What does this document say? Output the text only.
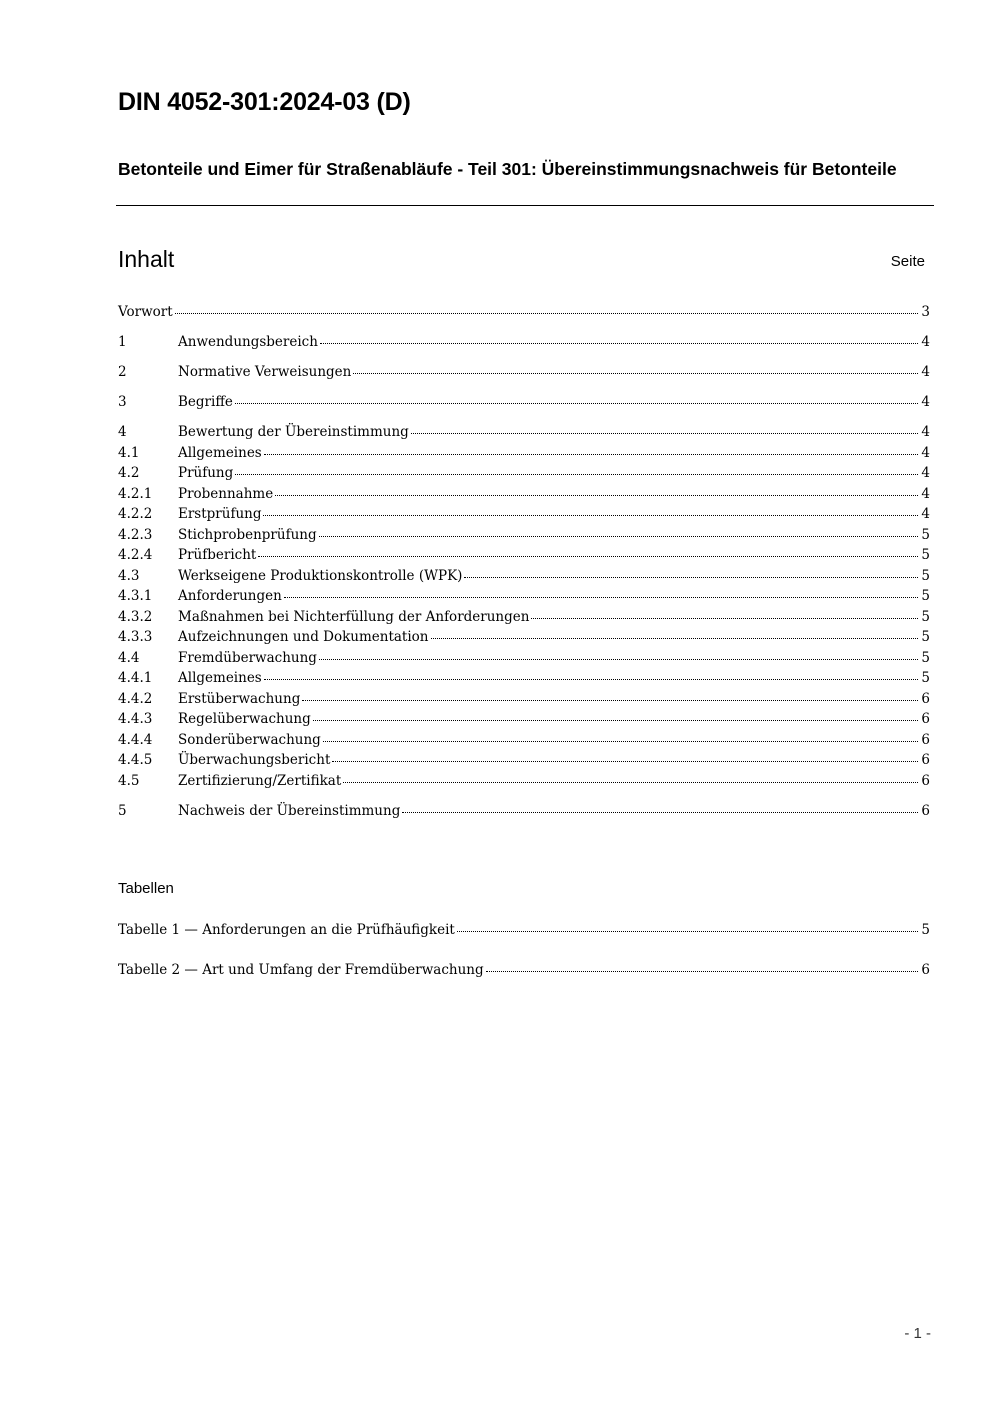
DIN 4052-301:2024-03 (D)
Betonteile und Eimer für Straßenabläufe - Teil 301: Übereinstimmungsnachweis für Betonteile
Inhalt	Seite
Vorwort	3
1	Anwendungsbereich	4
2	Normative Verweisungen	4
3	Begriffe	4
4	Bewertung der Übereinstimmung	4
4.1	Allgemeines	4
4.2	Prüfung	4
4.2.1	Probennahme	4
4.2.2	Erstprüfung	4
4.2.3	Stichprobenprüfung	5
4.2.4	Prüfbericht	5
4.3	Werkseigene Produktionskontrolle (WPK)	5
4.3.1	Anforderungen	5
4.3.2	Maßnahmen bei Nichterfüllung der Anforderungen	5
4.3.3	Aufzeichnungen und Dokumentation	5
4.4	Fremdüberwachung	5
4.4.1	Allgemeines	5
4.4.2	Erstüberwachung	6
4.4.3	Regelüberwachung	6
4.4.4	Sonderüberwachung	6
4.4.5	Überwachungsbericht	6
4.5	Zertifizierung/Zertifikat	6
5	Nachweis der Übereinstimmung	6
Tabellen
Tabelle 1 — Anforderungen an die Prüfhäufigkeit	5
Tabelle 2 — Art und Umfang der Fremdüberwachung	6
- 1 -
